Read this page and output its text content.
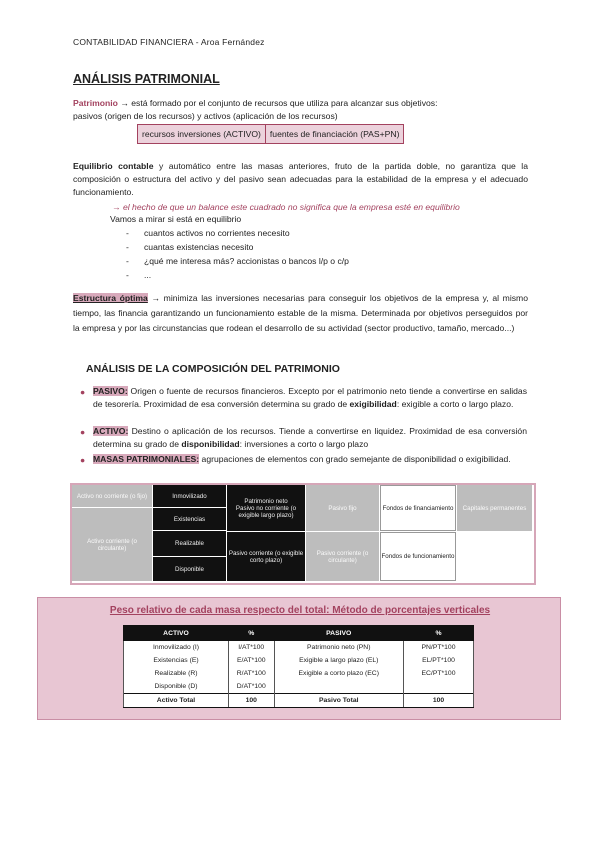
CONTABILIDAD FINANCIERA - Aroa Fernández
ANÁLISIS PATRIMONIAL
Patrimonio → está formado por el conjunto de recursos que utiliza para alcanzar sus objetivos:
pasivos (origen de los recursos) y activos (aplicación de los recursos)
recursos inversiones (ACTIVO)	fuentes de financiación (PAS+PN)
Equilibrio contable y automático entre las masas anteriores, fruto de la partida doble, no garantiza que la composición o estructura del activo y del pasivo sean adecuadas para la estabilidad de la empresa y el adecuado funcionamiento.
→ el hecho de que un balance este cuadrado no significa que la empresa esté en equilibrio
Vamos a mirar si está en equilibrio
- cuantos activos no corrientes necesito
- cuantas existencias necesito
- ¿qué me interesa más? accionistas o bancos l/p o c/p
- ...
Estructura óptima → minimiza las inversiones necesarias para conseguir los objetivos de la empresa y, al mismo tiempo, las financia garantizando un funcionamiento estable de la misma. Determinada por objetivos perseguidos por la empresa y por las circunstancias que rodean el desarrollo de su actividad (sector productivo, tamaño, mercado...)
ANÁLISIS DE LA COMPOSICIÓN DEL PATRIMONIO
● PASIVO: Origen o fuente de recursos financieros. Excepto por el patrimonio neto tiende a convertirse en salidas de tesorería. Proximidad de esa conversión determina su grado de exigibilidad: exigible a corto o largo plazo.
● ACTIVO: Destino o aplicación de los recursos. Tiende a convertirse en liquidez. Proximidad de esa conversión determina su grado de disponibilidad: inversiones a corto o largo plazo
● MASAS PATRIMONIALES: agrupaciones de elementos con grado semejante de disponibilidad o exigibilidad.
Activo no corriente (o fijo)
Activo corriente (o circulante)
Inmovilizado
Existencias
Realizable
Disponible
Patrimonio neto
Pasivo no corriente (o exigible largo plazo)
Pasivo corriente (o exigible corto plazo)
Pasivo fijo
Pasivo corriente (o circulante)
Fondos de financiamiento
Fondos de funcionamiento
Capitales permanentes
Peso relativo de cada masa respecto del total: Método de porcentajes verticales
ACTIVO	%	PASIVO	%
Inmovilizado (I)	I/AT*100	Patrimonio neto (PN)	PN/PT*100
Existencias (E)	E/AT*100	Exigible a largo plazo (EL)	EL/PT*100
Realizable (R)	R/AT*100	Exigible a corto plazo (EC)	EC/PT*100
Disponible (D)	D/AT*100		
Activo Total	100	Pasivo Total	100
